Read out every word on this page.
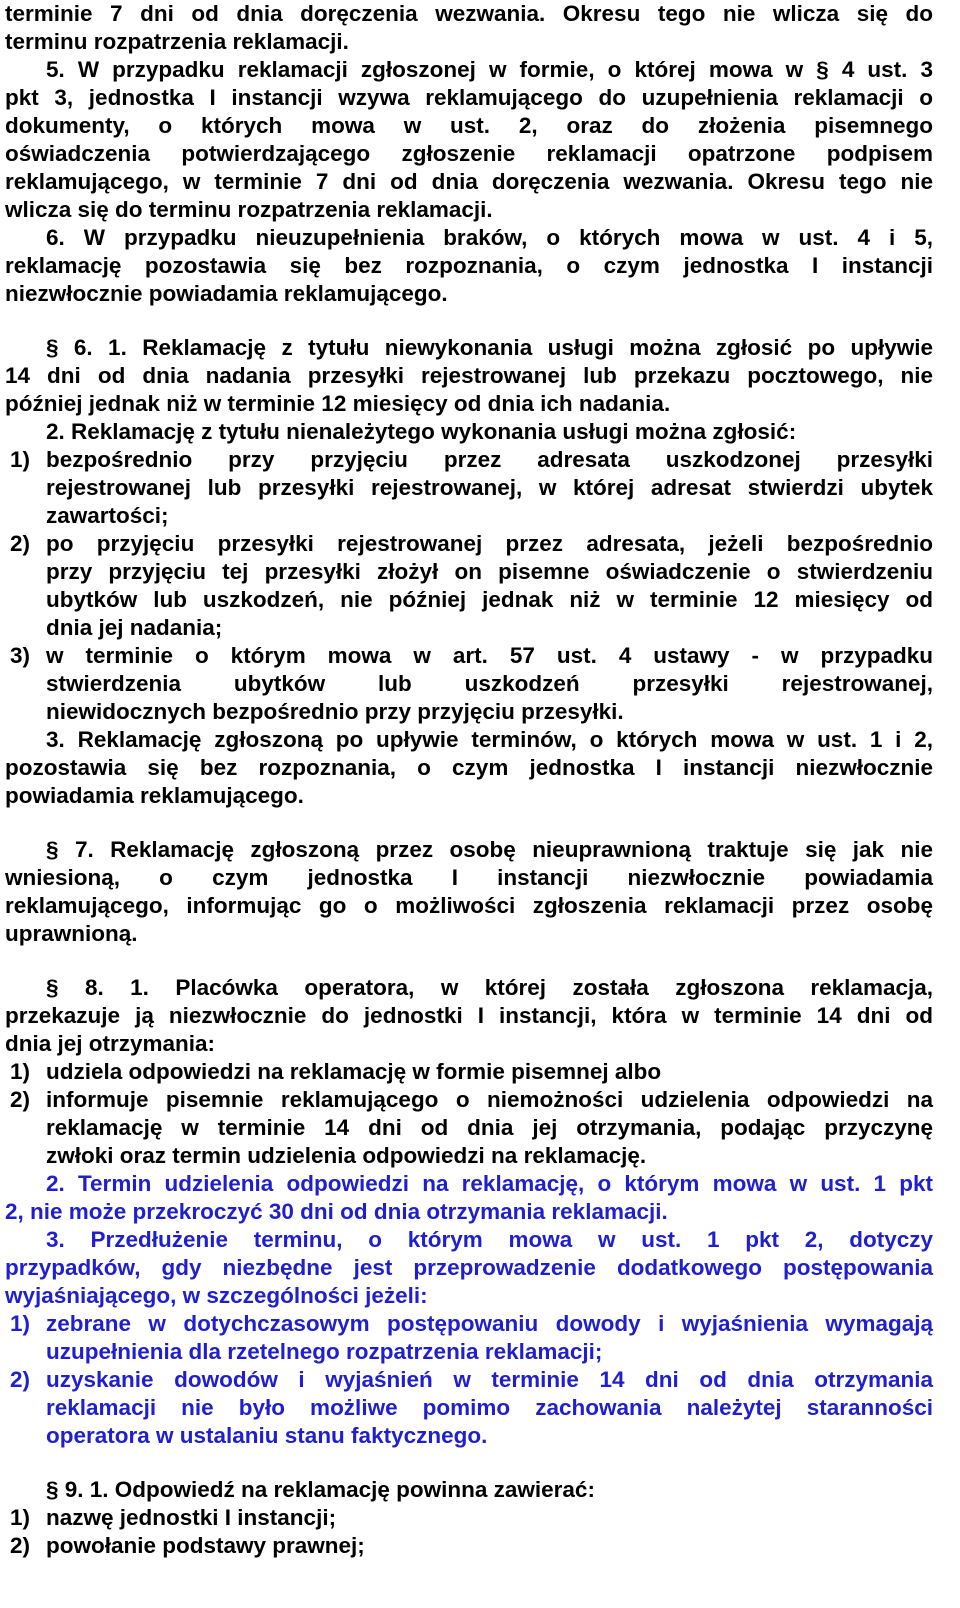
terminie 7 dni od dnia doręczenia wezwania. Okresu tego nie wlicza się do

terminu rozpatrzenia reklamacji.

5. W przypadku reklamacji zgłoszonej w formie, o której mowa w § 4 ust. 3

pkt 3, jednostka I instancji wzywa reklamującego do uzupełnienia reklamacji o

dokumenty, o których mowa w ust. 2, oraz do złożenia pisemnego

oświadczenia potwierdzającego zgłoszenie reklamacji opatrzone podpisem

reklamującego, w terminie 7 dni od dnia doręczenia wezwania. Okresu tego nie

wlicza się do terminu rozpatrzenia reklamacji.

6. W przypadku nieuzupełnienia braków, o których mowa w ust. 4 i 5,

reklamację pozostawia się bez rozpoznania, o czym jednostka I instancji

niezwłocznie powiadamia reklamującego.

§ 6. 1. Reklamację z tytułu niewykonania usługi można zgłosić po upływie

14 dni od dnia nadania przesyłki rejestrowanej lub przekazu pocztowego, nie

później jednak niż w terminie 12 miesięcy od dnia ich nadania.

2. Reklamację z tytułu nienależytego wykonania usługi można zgłosić:

1) bezpośrednio przy przyjęciu przez adresata uszkodzonej przesyłki

rejestrowanej lub przesyłki rejestrowanej, w której adresat stwierdzi ubytek

zawartości;

2) po przyjęciu przesyłki rejestrowanej przez adresata, jeżeli bezpośrednio

przy przyjęciu tej przesyłki złożył on pisemne oświadczenie o stwierdzeniu

ubytków lub uszkodzeń, nie później jednak niż w terminie 12 miesięcy od

dnia jej nadania;

3) w terminie o którym mowa w art. 57 ust. 4 ustawy - w przypadku

stwierdzenia ubytków lub uszkodzeń przesyłki rejestrowanej,

niewidocznych bezpośrednio przy przyjęciu przesyłki.

3. Reklamację zgłoszoną po upływie terminów, o których mowa w ust. 1 i 2,

pozostawia się bez rozpoznania, o czym jednostka I instancji niezwłocznie

powiadamia reklamującego.

§ 7. Reklamację zgłoszoną przez osobę nieuprawnioną traktuje się jak nie

wniesioną, o czym jednostka I instancji niezwłocznie powiadamia

reklamującego, informując go o możliwości zgłoszenia reklamacji przez osobę

uprawnioną.

§ 8. 1. Placówka operatora, w której została zgłoszona reklamacja,

przekazuje ją niezwłocznie do jednostki I instancji, która w terminie 14 dni od

dnia jej otrzymania:

1) udziela odpowiedzi na reklamację w formie pisemnej albo

2) informuje pisemnie reklamującego o niemożności udzielenia odpowiedzi na

reklamację w terminie 14 dni od dnia jej otrzymania, podając przyczynę

zwłoki oraz termin udzielenia odpowiedzi na reklamację.

2. Termin udzielenia odpowiedzi na reklamację, o którym mowa w ust. 1 pkt

2, nie może przekroczyć 30 dni od dnia otrzymania reklamacji.

3. Przedłużenie terminu, o którym mowa w ust. 1 pkt 2, dotyczy

przypadków, gdy niezbędne jest przeprowadzenie dodatkowego postępowania

wyjaśniającego, w szczególności jeżeli:

1) zebrane w dotychczasowym postępowaniu dowody i wyjaśnienia wymagają

uzupełnienia dla rzetelnego rozpatrzenia reklamacji;

2) uzyskanie dowodów i wyjaśnień w terminie 14 dni od dnia otrzymania

reklamacji nie było możliwe pomimo zachowania należytej staranności

operatora w ustalaniu stanu faktycznego.

§ 9. 1. Odpowiedź na reklamację powinna zawierać:

1) nazwę jednostki I instancji;

2) powołanie podstawy prawnej;
